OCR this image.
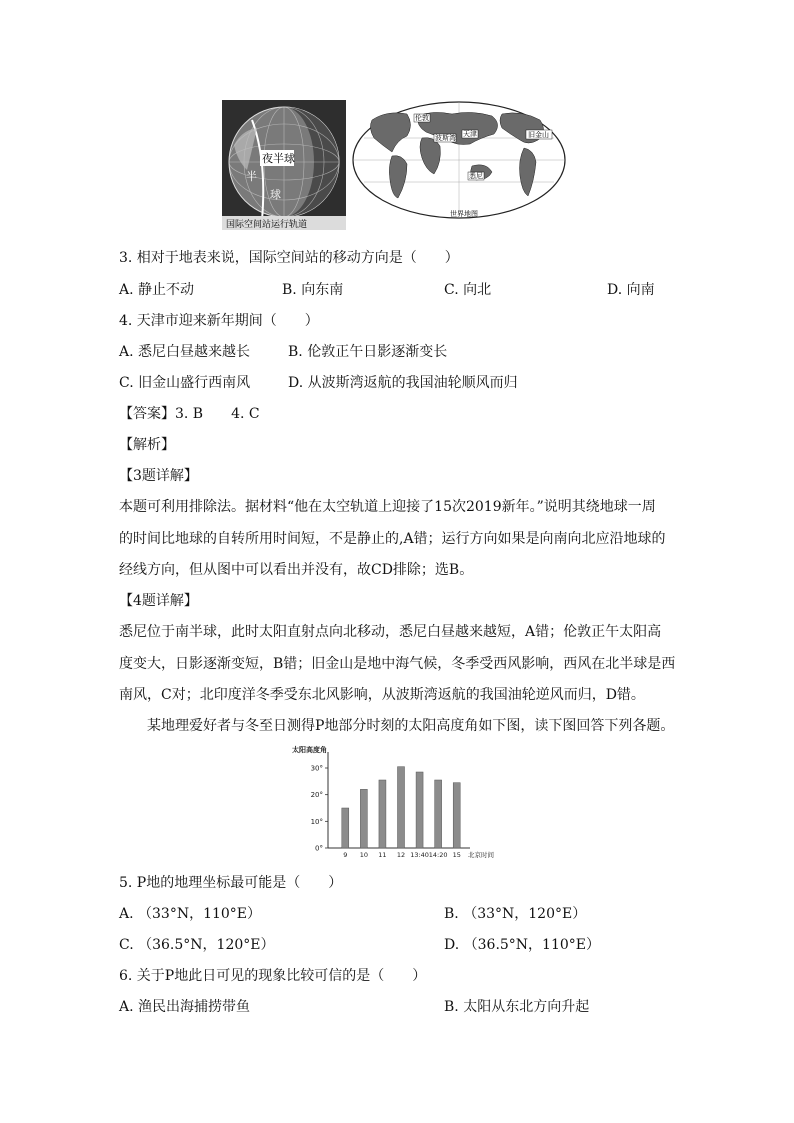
夜半球
半
球
国际空间站运行轨道
旧金山
波斯湾 天津
悉尼
伦敦
世界地图
3. 相对于地表来说，国际空间站的移动方向是（　　）
A. 静止不动	B. 向东南	C. 向北	D. 向南
4. 天津市迎来新年期间（　　）
A. 悉尼白昼越来越长	B. 伦敦正午日影逐渐变长
C. 旧金山盛行西南风	D. 从波斯湾返航的我国油轮顺风而归
【答案】3. B　　4. C
【解析】
【3题详解】
本题可利用排除法。据材料“他在太空轨道上迎接了15次2019新年。”说明其绕地球一周
的时间比地球的自转所用时间短，不是静止的,A错；运行方向如果是向南向北应沿地球的
经线方向，但从图中可以看出并没有，故CD排除；选B。
【4题详解】
悉尼位于南半球，此时太阳直射点向北移动，悉尼白昼越来越短，A错；伦敦正午太阳高
度变大，日影逐渐变短，B错；旧金山是地中海气候，冬季受西风影响，西风在北半球是西
南风，C对；北印度洋冬季受东北风影响，从波斯湾返航的我国油轮逆风而归，D错。
某地理爱好者与冬至日测得P地部分时刻的太阳高度角如下图，读下图回答下列各题。
太阳高度角
0°
10°
20°
30°
9 10 11 12 13:40 14:20 15 北京时间
5. P地的地理坐标最可能是（　　）
A. （33°N，110°E）	B. （33°N，120°E）
C. （36.5°N，120°E）	D. （36.5°N，110°E）
6. 关于P地此日可见的现象比较可信的是（　　）
A. 渔民出海捕捞带鱼	B. 太阳从东北方向升起
